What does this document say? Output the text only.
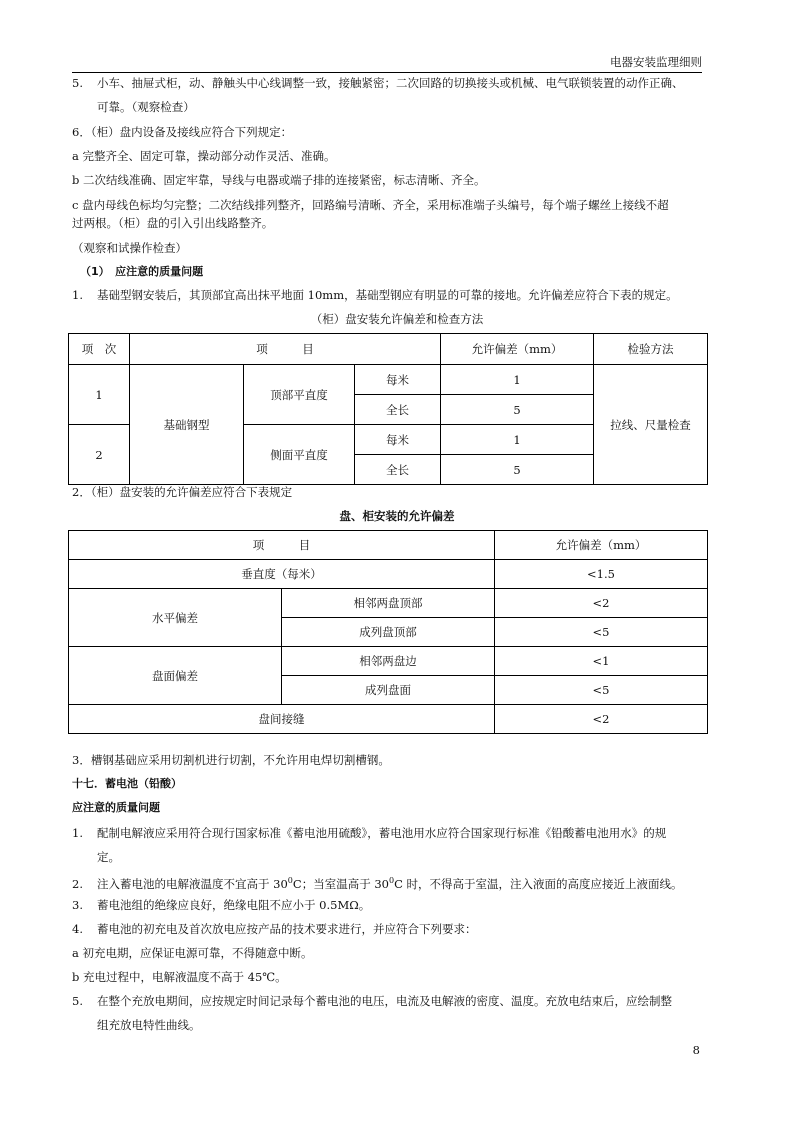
电器安装监理细则
5. 小车、抽屉式柜，动、静触头中心线调整一致，接触紧密；二次回路的切换接头或机械、电气联锁装置的动作正确、
可靠。（观察检查）
6．（柜）盘内设备及接线应符合下列规定：
a 完整齐全、固定可靠，操动部分动作灵活、准确。
b 二次结线准确、固定牢靠，导线与电器或端子排的连接紧密，标志清晰、齐全。
c 盘内母线色标均匀完整；二次结线排列整齐，回路编号清晰、齐全，采用标准端子头编号，每个端子螺丝上接线不超
过两根。（柜）盘的引入引出线路整齐。
（观察和试操作检查）
（1）　应注意的质量问题
1. 基础型钢安装后，其顶部宜高出抹平地面 10mm，基础型钢应有明显的可靠的接地。允许偏差应符合下表的规定。
（柜）盘安装允许偏差和检查方法
项　次	项　　　目			允许偏差（mm）	检验方法
1	基础钢型	顶部平直度	每米	1	拉线、尺量检查
			全长	5	
2		侧面平直度	每米	1	
			全长	5	
2．（柜）盘安装的允许偏差应符合下表规定
盘、柜安装的允许偏差
项　　　目		允许偏差（mm）
垂直度（每米）		<1.5
水平偏差	相邻两盘顶部	<2
	成列盘顶部	<5
盘面偏差	相邻两盘边	<1
	成列盘面	<5
盘间接缝		<2
3．槽钢基础应采用切割机进行切割，不允许用电焊切割槽钢。
十七．蓄电池（铅酸）
应注意的质量问题
1. 配制电解液应采用符合现行国家标准《蓄电池用硫酸》，蓄电池用水应符合国家现行标准《铅酸蓄电池用水》的规
定。
2. 注入蓄电池的电解液温度不宜高于 $30^0C$；当室温高于 $30^0C$ 时，不得高于室温，注入液面的高度应接近上液面线。
3. 蓄电池组的绝缘应良好，绝缘电阻不应小于 0.5MΩ。
4. 蓄电池的初充电及首次放电应按产品的技术要求进行，并应符合下列要求：
a 初充电期，应保证电源可靠，不得随意中断。
b 充电过程中，电解液温度不高于 45℃。
5. 在整个充放电期间，应按规定时间记录每个蓄电池的电压，电流及电解液的密度、温度。充放电结束后，应绘制整
组充放电特性曲线。
8
